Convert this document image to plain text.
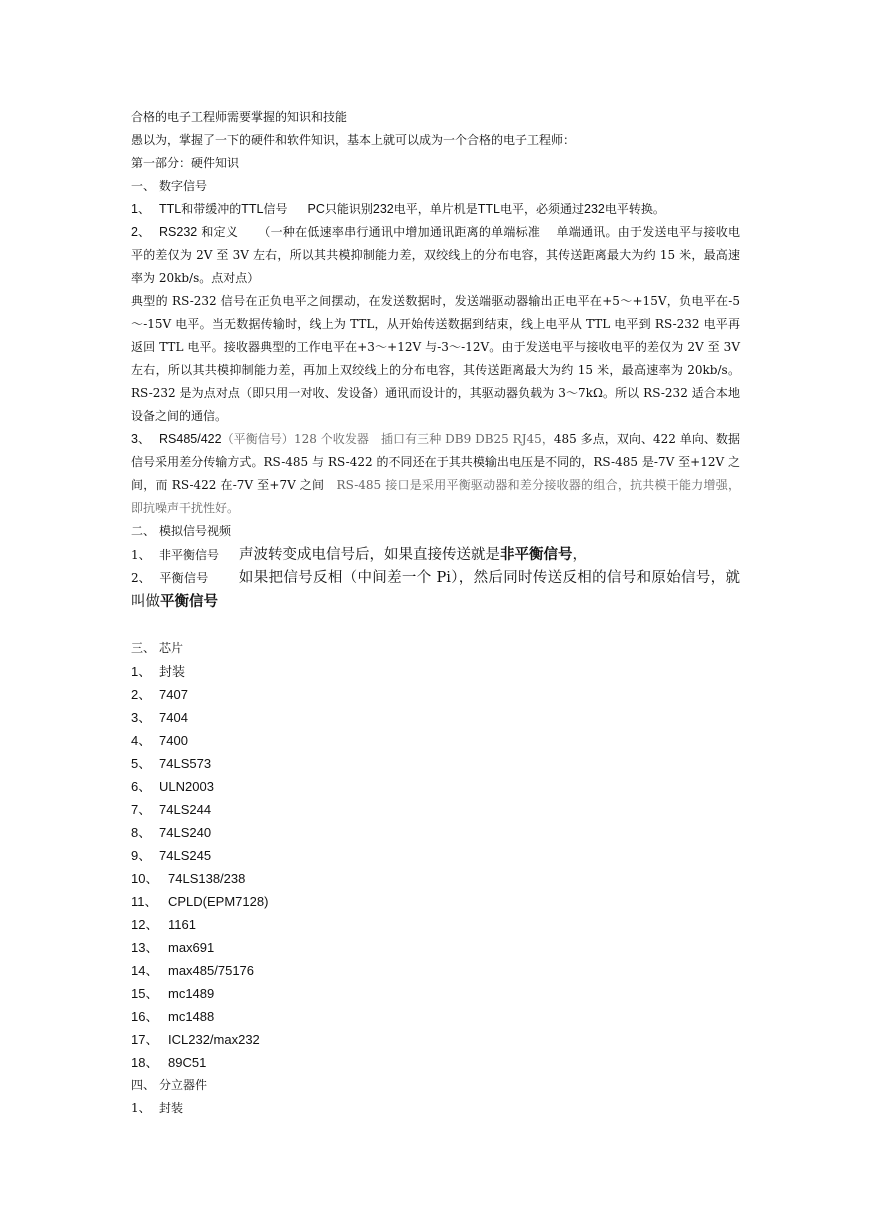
合格的电子工程师需要掌握的知识和技能
愚以为，掌握了一下的硬件和软件知识，基本上就可以成为一个合格的电子工程师：
第一部分：硬件知识
一、 数字信号
1、 TTL和带缓冲的TTL信号 PC只能识别232电平，单片机是TTL电平，必须通过232电平转换。
2、 RS232 和定义 （一种在低速率串行通讯中增加通讯距离的单端标准　 单端通讯。由于发送电平与接收电平的差仅为 2V 至 3V 左右，所以其共模抑制能力差，双绞线上的分布电容，其传送距离最大为约 15 米，最高速率为 20kb/s。点对点）
典型的 RS-232 信号在正负电平之间摆动，在发送数据时，发送端驱动器输出正电平在+5～+15V，负电平在-5～-15V 电平。当无数据传输时，线上为 TTL，从开始传送数据到结束，线上电平从 TTL 电平到 RS-232 电平再返回 TTL 电平。接收器典型的工作电平在+3～+12V 与-3～-12V。由于发送电平与接收电平的差仅为 2V 至 3V 左右，所以其共模抑制能力差，再加上双绞线上的分布电容，其传送距离最大为约 15 米，最高速率为 20kb/s。RS-232 是为点对点（即只用一对收、发设备）通讯而设计的，其驱动器负载为 3～7kΩ。所以 RS-232 适合本地设备之间的通信。
3、 RS485/422（平衡信号）128 个收发器　插口有三种 DB9 DB25 RJ45，485 多点，双向、422 单向、数据信号采用差分传输方式。RS-485 与 RS-422 的不同还在于其共模输出电压是不同的，RS-485 是-7V 至+12V 之间，而 RS-422 在-7V 至+7V 之间　RS-485 接口是采用平衡驱动器和差分接收器的组合，抗共模干能力增强，即抗噪声干扰性好。
二、 模拟信号视频
1、 非平衡信号 声波转变成电信号后，如果直接传送就是非平衡信号，
2、 平衡信号 如果把信号反相（中间差一个 Pi），然后同时传送反相的信号和原始信号，就叫做平衡信号
三、 芯片
1、 封装
2、 7407
3、 7404
4、 7400
5、 74LS573
6、 ULN2003
7、 74LS244
8、 74LS240
9、 74LS245
10、 74LS138/238
11、 CPLD(EPM7128)
12、 1161
13、 max691
14、 max485/75176
15、 mc1489
16、 mc1488
17、 ICL232/max232
18、 89C51
四、 分立器件
1、 封装
